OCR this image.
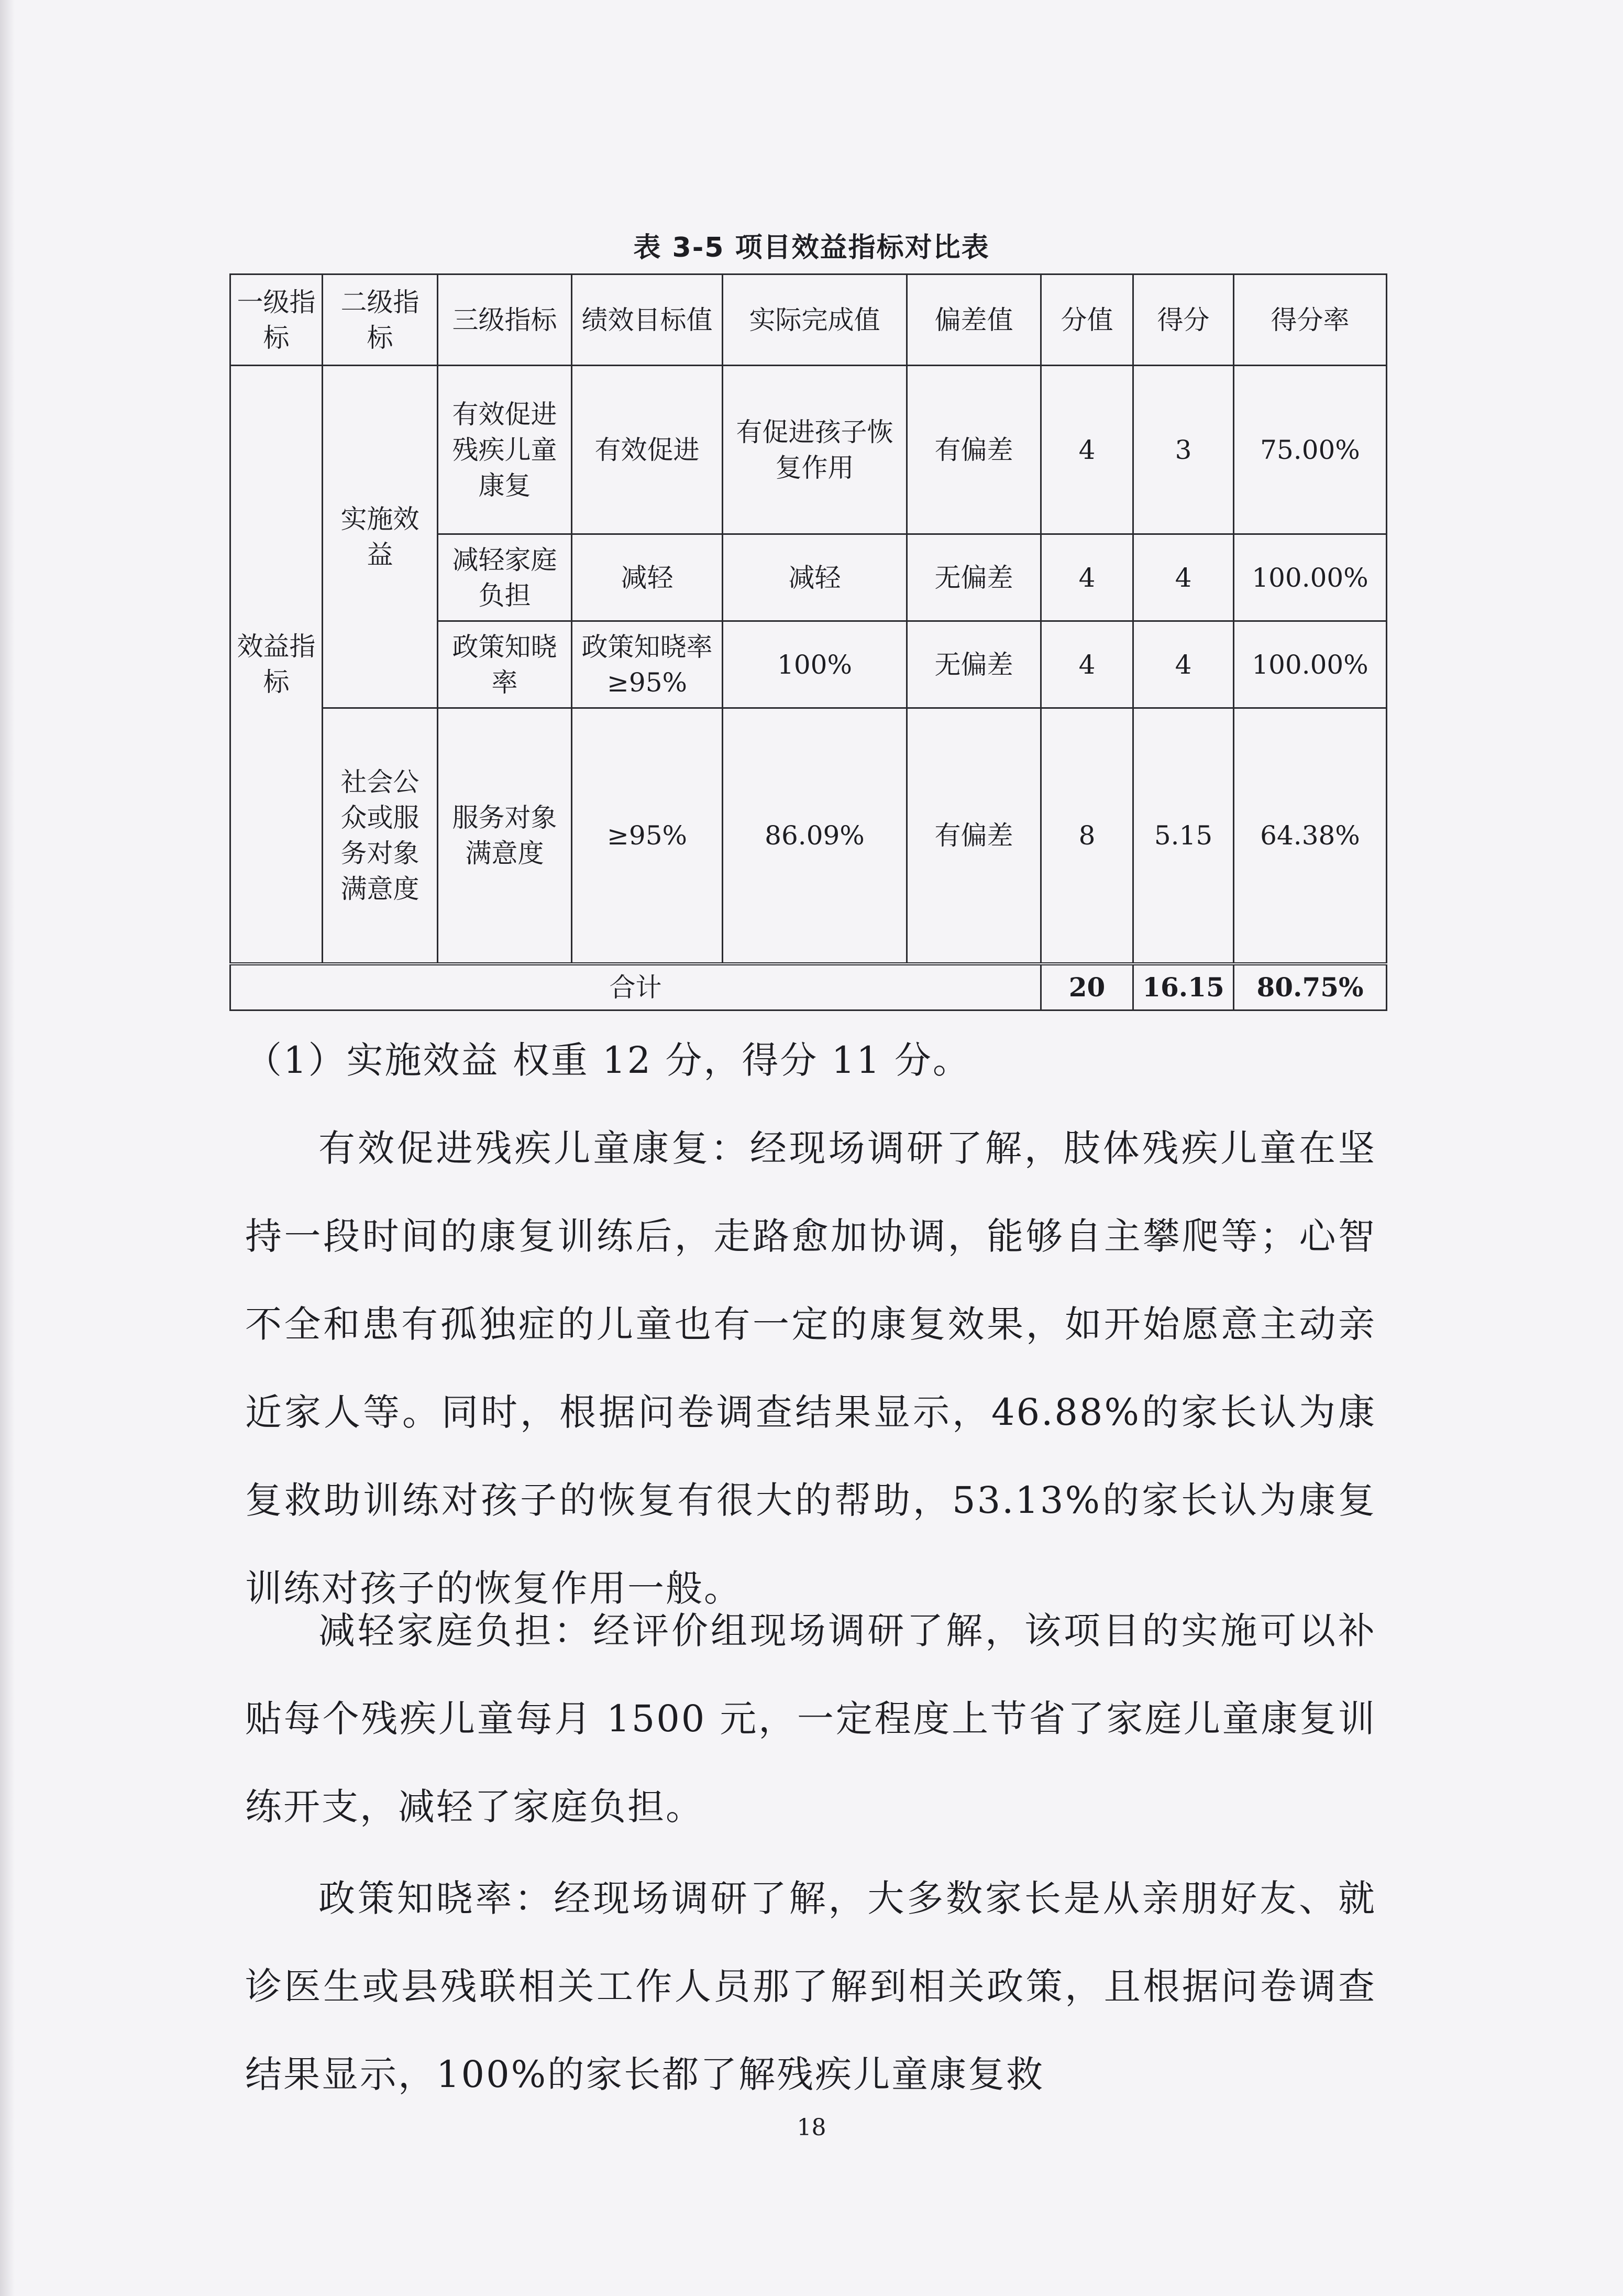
表 3-5 项目效益指标对比表
一级指标	二级指标	三级指标	绩效目标值	实际完成值	偏差值	分值	得分	得分率
效益指标	实施效益	有效促进残疾儿童康复	有效促进	有促进孩子恢复作用	有偏差	4	3	75.00%
		减轻家庭负担	减轻	减轻	无偏差	4	4	100.00%
		政策知晓率	政策知晓率≥95%	100%	无偏差	4	4	100.00%
	社会公众或服务对象满意度	服务对象满意度	≥95%	86.09%	有偏差	8	5.15	64.38%
合计						20	16.15	80.75%

（1）实施效益 权重 12 分，得分 11 分。

有效促进残疾儿童康复：经现场调研了解，肢体残疾儿童在坚持一段时间的康复训练后，走路愈加协调，能够自主攀爬等；心智不全和患有孤独症的儿童也有一定的康复效果，如开始愿意主动亲近家人等。同时，根据问卷调查结果显示，46.88%的家长认为康复救助训练对孩子的恢复有很大的帮助，53.13%的家长认为康复训练对孩子的恢复作用一般。

减轻家庭负担：经评价组现场调研了解，该项目的实施可以补贴每个残疾儿童每月 1500 元，一定程度上节省了家庭儿童康复训练开支，减轻了家庭负担。

政策知晓率：经现场调研了解，大多数家长是从亲朋好友、就诊医生或县残联相关工作人员那了解到相关政策，且根据问卷调查结果显示，100%的家长都了解残疾儿童康复救

18
